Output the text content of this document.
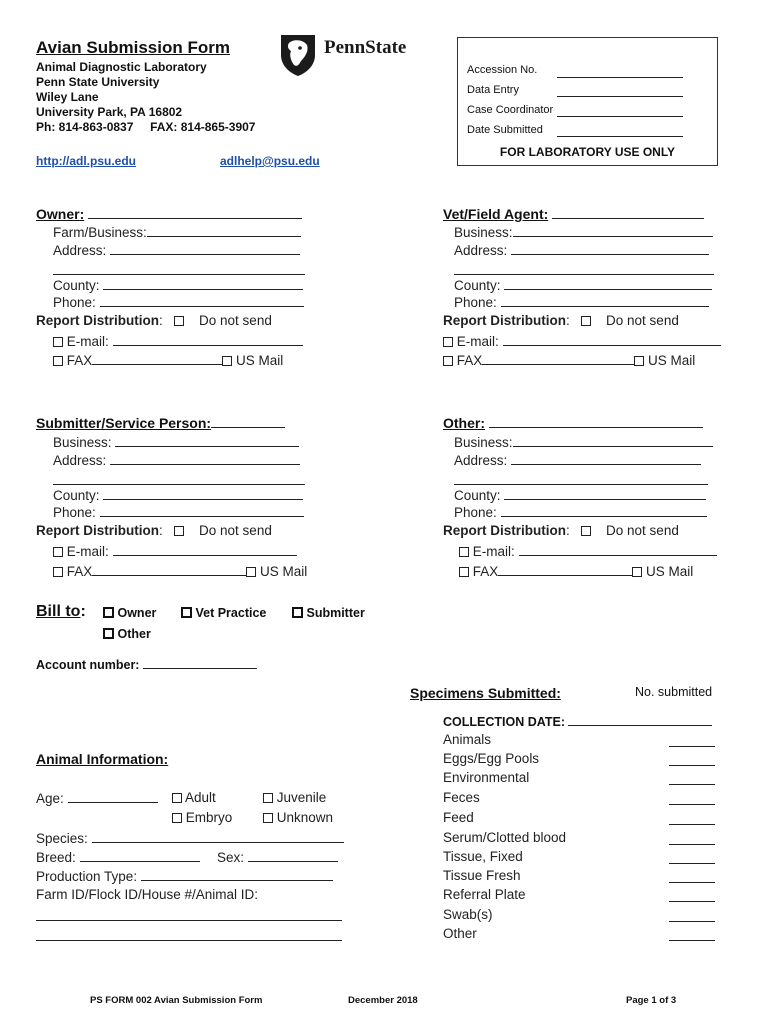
Avian Submission Form
Animal Diagnostic Laboratory
Penn State University
Wiley Lane
University Park, PA 16802
Ph: 814-863-0837     FAX: 814-865-3907
http://adl.psu.edu	adlhelp@psu.edu
PennState
Accession No.
Data Entry
Case Coordinator
Date Submitted
FOR LABORATORY USE ONLY
Owner:
Farm/Business:
Address:
County:
Phone:
Report Distribution:       Do not send
E-mail:
FAX	US Mail
Vet/Field Agent:
Business:
Address:
County:
Phone:
Report Distribution:       Do not send
E-mail:
FAX	US Mail
Submitter/Service Person:
Business:
Address:
County:
Phone:
Report Distribution:       Do not send
E-mail:
FAX	US Mail
Other:
Business:
Address:
County:
Phone:
Report Distribution:       Do not send
E-mail:
FAX	US Mail
Bill to:	Owner	Vet Practice	Submitter
Other
Account number:
Specimens Submitted:	No. submitted
COLLECTION DATE:
Animals
Eggs/Egg Pools
Environmental
Feces
Feed
Serum/Clotted blood
Tissue, Fixed
Tissue Fresh
Referral Plate
Swab(s)
Other
Animal Information:
Age:	Adult	Juvenile
Embryo	Unknown
Species:
Breed:	Sex:
Production Type:
Farm ID/Flock ID/House #/Animal ID:
PS FORM 002 Avian Submission Form	December 2018	Page 1 of 3
